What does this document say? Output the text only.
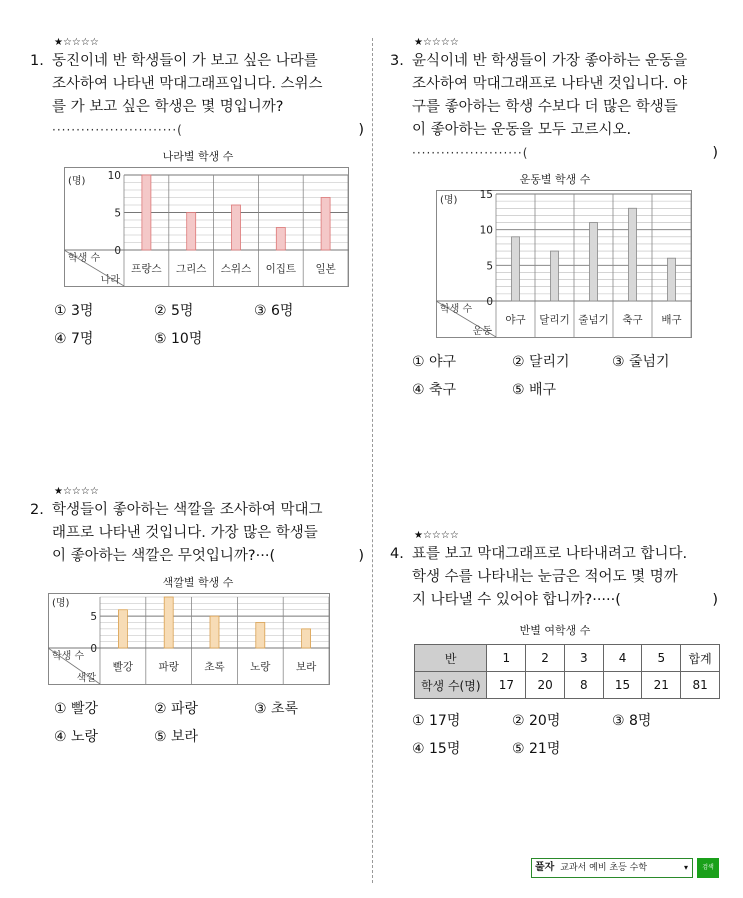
★☆☆☆☆
1. 동진이네 반 학생들이 가 보고 싶은 나라를
조사하여 나타낸 막대그래프입니다. 스위스
를 가 보고 싶은 학생은 몇 명입니까?
··························(	)
나라별 학생 수
(명)
0
5
10
학생 수
나라
프랑스 그리스 스위스 이집트 일본
① 3명	② 5명	③ 6명
④ 7명	⑤ 10명
★☆☆☆☆
2. 학생들이 좋아하는 색깔을 조사하여 막대그
래프로 나타낸 것입니다. 가장 많은 학생들
이 좋아하는 색깔은 무엇입니까?···(	)
색깔별 학생 수
(명)
0
5
학생 수
색깔
빨강 파랑 초록 노랑 보라
① 빨강	② 파랑	③ 초록
④ 노랑	⑤ 보라
★☆☆☆☆
3. 윤식이네 반 학생들이 가장 좋아하는 운동을
조사하여 막대그래프로 나타낸 것입니다. 야
구를 좋아하는 학생 수보다 더 많은 학생들
이 좋아하는 운동을 모두 고르시오.
·······················(	)
운동별 학생 수
(명)
0
5
10
15
학생 수
운동
야구 달리기 줄넘기 축구 배구
① 야구	② 달리기	③ 줄넘기
④ 축구	⑤ 배구
★☆☆☆☆
4. 표를 보고 막대그래프로 나타내려고 합니다.
학생 수를 나타내는 눈금은 적어도 몇 명까
지 나타낼 수 있어야 합니까?·····(	)
반별 여학생 수
반	1	2	3	4	5	합계
학생 수(명)	17	20	8	15	21	81
① 17명	② 20명	③ 8명
④ 15명	⑤ 21명
풀자 교과서 예비 초등 수학	▾	검색
